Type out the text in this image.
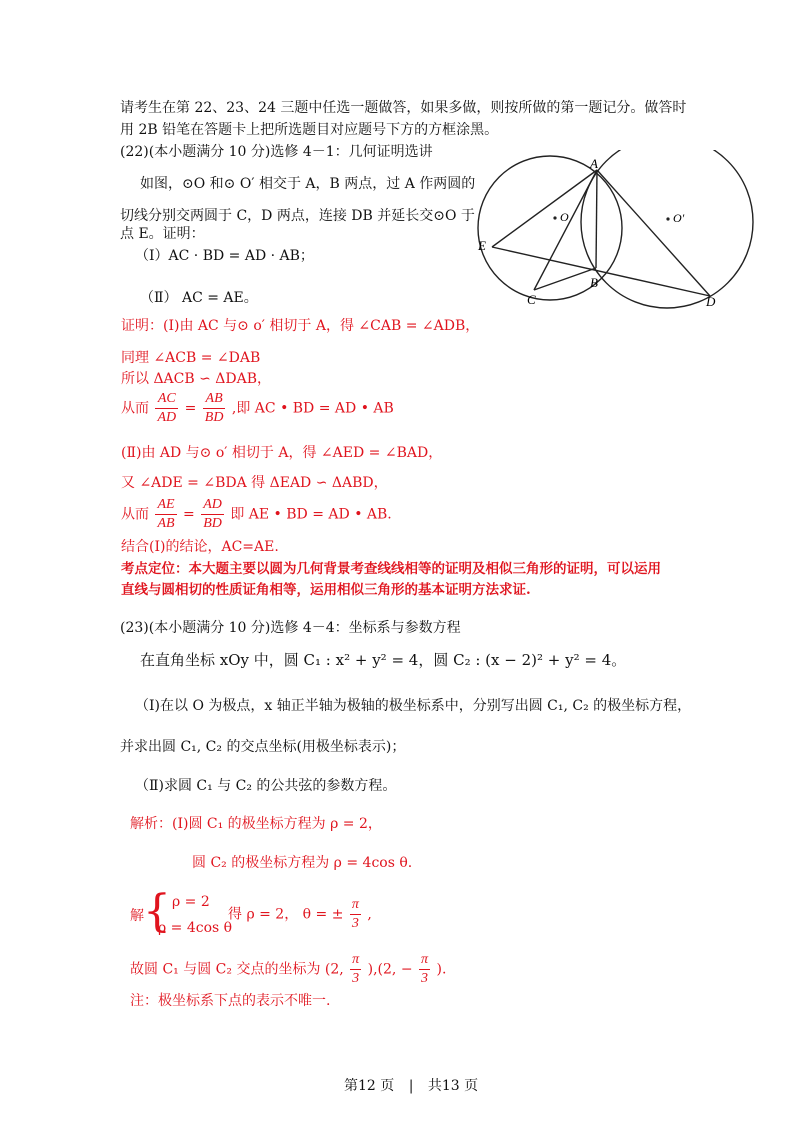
请考生在第 22、23、24 三题中任选一题做答，如果多做，则按所做的第一题记分。做答时
用 2B 铅笔在答题卡上把所选题目对应题号下方的方框涂黑。
(22)(本小题满分 10 分)选修 4－1：几何证明选讲
如图，⊙O 和⊙ O′ 相交于 A，B 两点，过 A 作两圆的
切线分别交两圆于 C，D 两点，连接 DB 并延长交⊙O 于
点 E。证明：
（Ⅰ）AC · BD = AD · AB；
（Ⅱ） AC = AE。
A
B
C	D
E
O	O′
证明：(Ⅰ)由 AC 与⊙ o′ 相切于 A，得 ∠CAB = ∠ADB，
同理 ∠ACB = ∠DAB
所以 ΔACB ∽ ΔDAB，
从而 $\frac{AC}{AD} = \frac{AB}{BD}$ ,即 AC • BD = AD • AB
(Ⅱ)由 AD 与⊙ o′ 相切于 A，得 ∠AED = ∠BAD，
又 ∠ADE = ∠BDA 得 ΔEAD ∽ ΔABD，
从而 $\frac{AE}{AB} = \frac{AD}{BD}$ 即 AE • BD = AD • AB.
结合(Ⅰ)的结论，AC=AE.
考点定位：本大题主要以圆为几何背景考查线线相等的证明及相似三角形的证明，可以运用
直线与圆相切的性质证角相等，运用相似三角形的基本证明方法求证.
(23)(本小题满分 10 分)选修 4－4：坐标系与参数方程
在直角坐标 xOy 中，圆 C₁ : x² + y² = 4，圆 C₂ : (x − 2)² + y² = 4。
（Ⅰ)在以 O 为极点，x 轴正半轴为极轴的极坐标系中，分别写出圆 C₁, C₂ 的极坐标方程，
并求出圆 C₁, C₂ 的交点坐标(用极坐标表示)；
（Ⅱ)求圆 C₁ 与 C₂ 的公共弦的参数方程。
解析：(Ⅰ)圆 C₁ 的极坐标方程为 ρ = 2，
圆 C₂ 的极坐标方程为 ρ = 4cos θ.
解 { ρ = 2
ρ = 4cos θ
得 ρ = 2， θ = ± $\frac{\pi}{3}$ ,
故圆 C₁ 与圆 C₂ 交点的坐标为 (2, $\frac{\pi}{3} ),(2$, − $\frac{\pi}{3}$ ).
注：极坐标系下点的表示不唯一.
第12 页 | 共13 页
